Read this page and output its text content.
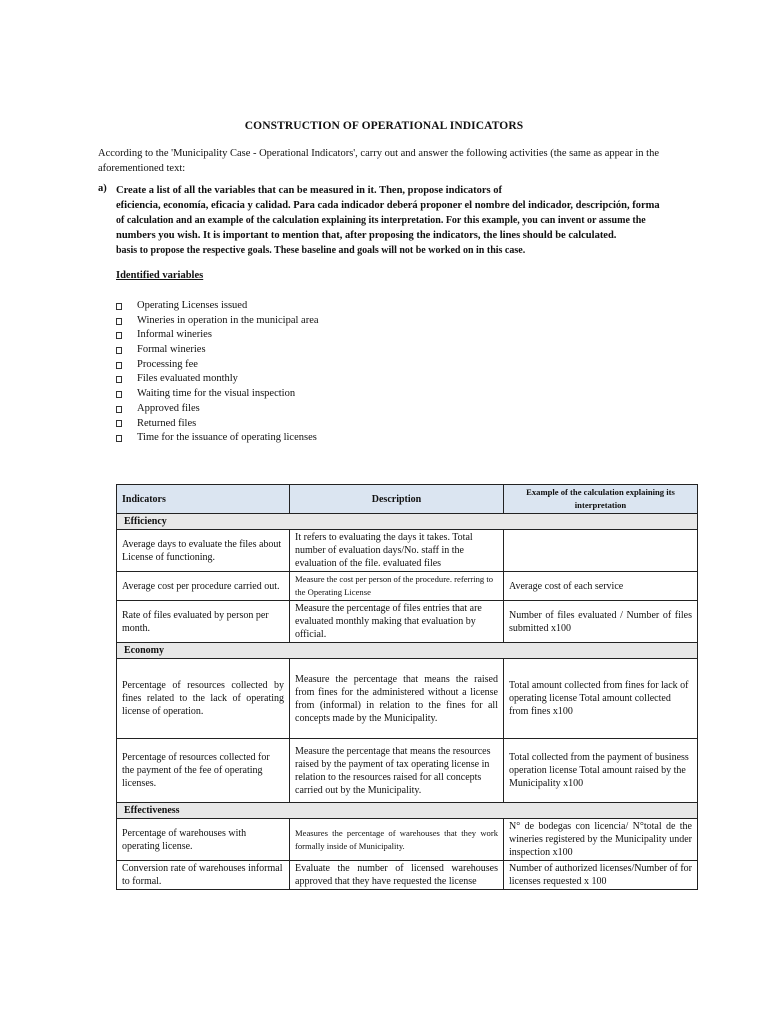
CONSTRUCTION OF OPERATIONAL INDICATORS
According to the 'Municipality Case - Operational Indicators', carry out and answer the following activities (the same as appear in the aforementioned text:
a) Create a list of all the variables that can be measured in it. Then, propose indicators of
eficiencia, economía, eficacia y calidad. Para cada indicador deberá proponer el nombre del indicador, descripción, forma
of calculation and an example of the calculation explaining its interpretation. For this example, you can invent or assume the
numbers you wish. It is important to mention that, after proposing the indicators, the lines should be calculated.
basis to propose the respective goals. These baseline and goals will not be worked on in this case.
Identified variables
Operating Licenses issued
Wineries in operation in the municipal area
Informal wineries
Formal wineries
Processing fee
Files evaluated monthly
Waiting time for the visual inspection
Approved files
Returned files
Time for the issuance of operating licenses
Indicators	Description	Example of the calculation explaining its interpretation
Efficiency		
Average days to evaluate the files about License of functioning.	It refers to evaluating the days it takes. Total number of evaluation days/No. staff in the evaluation of the file. evaluated files	
Average cost per procedure carried out.	Measure the cost per person of the procedure. referring to the Operating License	Average cost of each service
Rate of files evaluated by person per month.	Measure the percentage of files entries that are evaluated monthly making that evaluation by official.	Number of files evaluated / Number of files submitted x100
Economy		
Percentage of resources collected by fines related to the lack of operating license of operation.	Measure the percentage that means the raised from fines for the administered without a license from (informal) in relation to the fines for all concepts made by the Municipality.	Total amount collected from fines for lack of operating license Total amount collected from fines x100
Percentage of resources collected for the payment of the fee of operating licenses.	Measure the percentage that means the resources raised by the payment of tax operating license in relation to the resources raised for all concepts carried out by the Municipality.	Total collected from the payment of business operation license Total amount raised by the Municipality x100
Effectiveness		
Percentage of warehouses with operating license.	Measures the percentage of warehouses that they work formally inside of Municipality.	N° de bodegas con licencia/ N°total de the wineries registered by the Municipality under inspection x100
Conversion rate of warehouses informal to formal.	Evaluate the number of licensed warehouses approved that they have requested the license	Number of authorized licenses/Number of for licenses requested x 100
